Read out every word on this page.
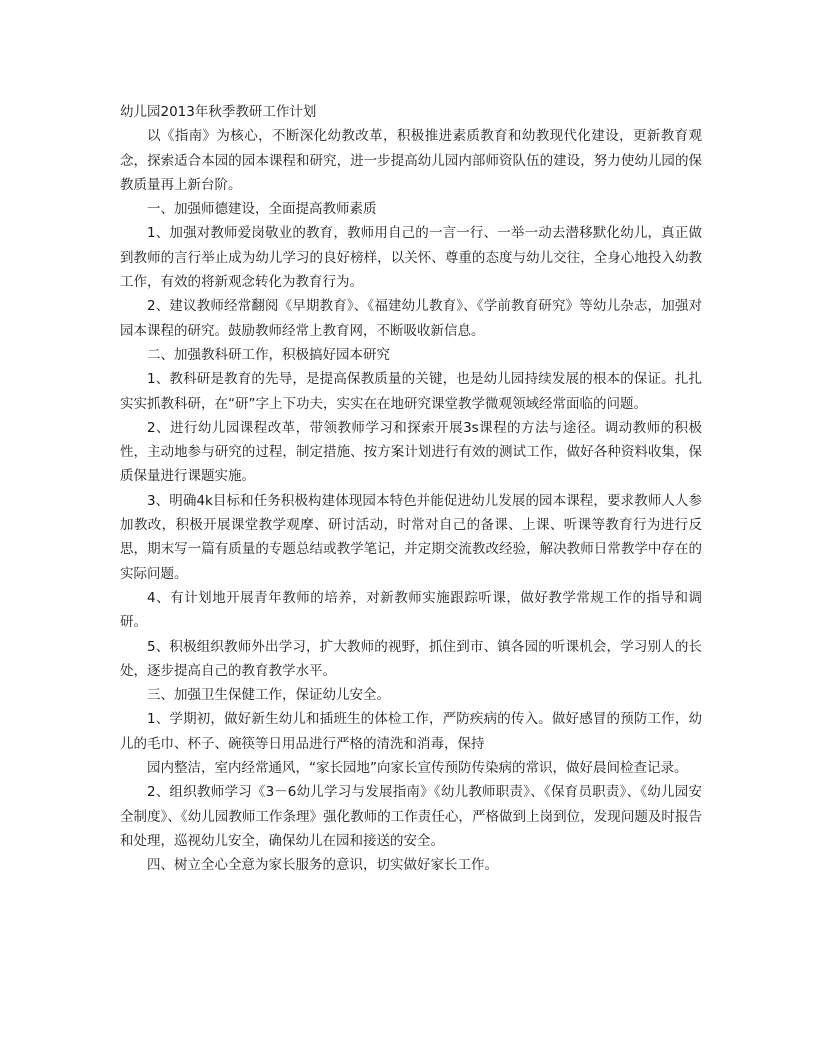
幼儿园2013年秋季教研工作计划

以《指南》为核心，不断深化幼教改革，积极推进素质教育和幼教现代化建设，更新教育观念，探索适合本园的园本课程和研究，进一步提高幼儿园内部师资队伍的建设，努力使幼儿园的保教质量再上新台阶。

一、加强师德建设，全面提高教师素质

1、加强对教师爱岗敬业的教育，教师用自己的一言一行、一举一动去潜移默化幼儿，真正做到教师的言行举止成为幼儿学习的良好榜样，以关怀、尊重的态度与幼儿交往，全身心地投入幼教工作，有效的将新观念转化为教育行为。

2、建议教师经常翻阅《早期教育》、《福建幼儿教育》、《学前教育研究》等幼儿杂志，加强对园本课程的研究。鼓励教师经常上教育网，不断吸收新信息。

二、加强教科研工作，积极搞好园本研究

1、教科研是教育的先导，是提高保教质量的关键，也是幼儿园持续发展的根本的保证。扎扎实实抓教科研，在“研”字上下功夫，实实在在地研究课堂教学微观领域经常面临的问题。

2、进行幼儿园课程改革，带领教师学习和探索开展3s课程的方法与途径。调动教师的积极性，主动地参与研究的过程，制定措施、按方案计划进行有效的测试工作，做好各种资料收集，保质保量进行课题实施。

3、明确4k目标和任务积极构建体现园本特色并能促进幼儿发展的园本课程，要求教师人人参加教改，积极开展课堂教学观摩、研讨活动，时常对自己的备课、上课、听课等教育行为进行反思，期末写一篇有质量的专题总结或教学笔记，并定期交流教改经验，解决教师日常教学中存在的实际问题。

4、有计划地开展青年教师的培养，对新教师实施跟踪听课，做好教学常规工作的指导和调研。

5、积极组织教师外出学习，扩大教师的视野，抓住到市、镇各园的听课机会，学习别人的长处，逐步提高自己的教育教学水平。

三、加强卫生保健工作，保证幼儿安全。

1、学期初，做好新生幼儿和插班生的体检工作，严防疾病的传入。做好感冒的预防工作，幼儿的毛巾、杯子、碗筷等日用品进行严格的清洗和消毒，保持

园内整洁，室内经常通风，“家长园地”向家长宣传预防传染病的常识，做好晨间检查记录。

2、组织教师学习《3－6幼儿学习与发展指南》《幼儿教师职责》、《保育员职责》、《幼儿园安全制度》、《幼儿园教师工作条理》强化教师的工作责任心，严格做到上岗到位，发现问题及时报告和处理，巡视幼儿安全，确保幼儿在园和接送的安全。

四、树立全心全意为家长服务的意识，切实做好家长工作。
